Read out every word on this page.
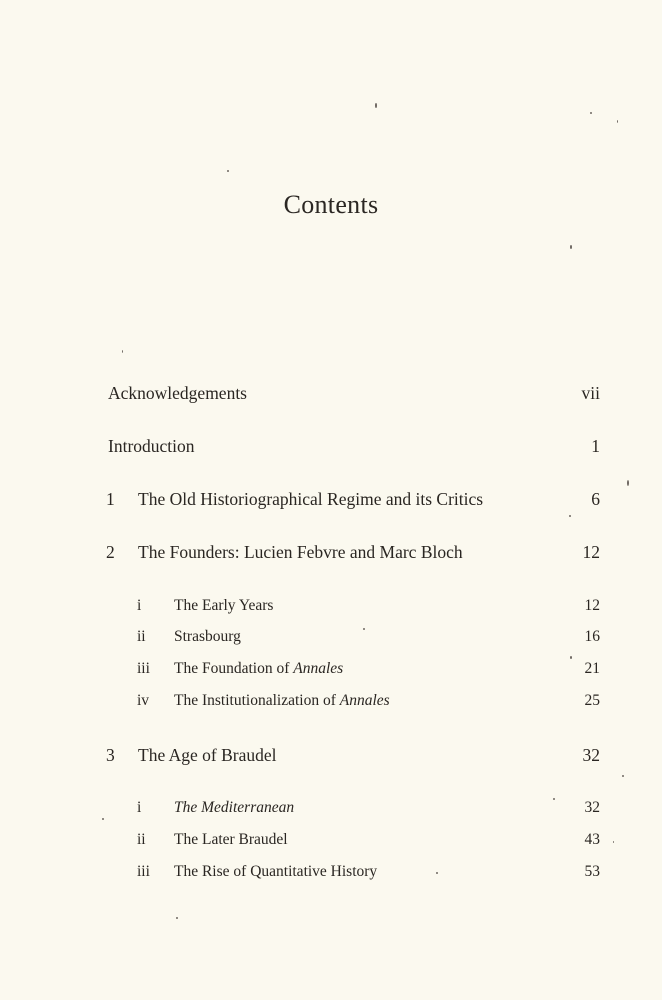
Contents
Acknowledgements	vii
Introduction	1
1 The Old Historiographical Regime and its Critics	6
2 The Founders: Lucien Febvre and Marc Bloch	12
i The Early Years	12
ii Strasbourg	16
iii The Foundation of Annales	21
iv The Institutionalization of Annales	25
3 The Age of Braudel	32
i The Mediterranean	32
ii The Later Braudel	43
iii The Rise of Quantitative History	53
